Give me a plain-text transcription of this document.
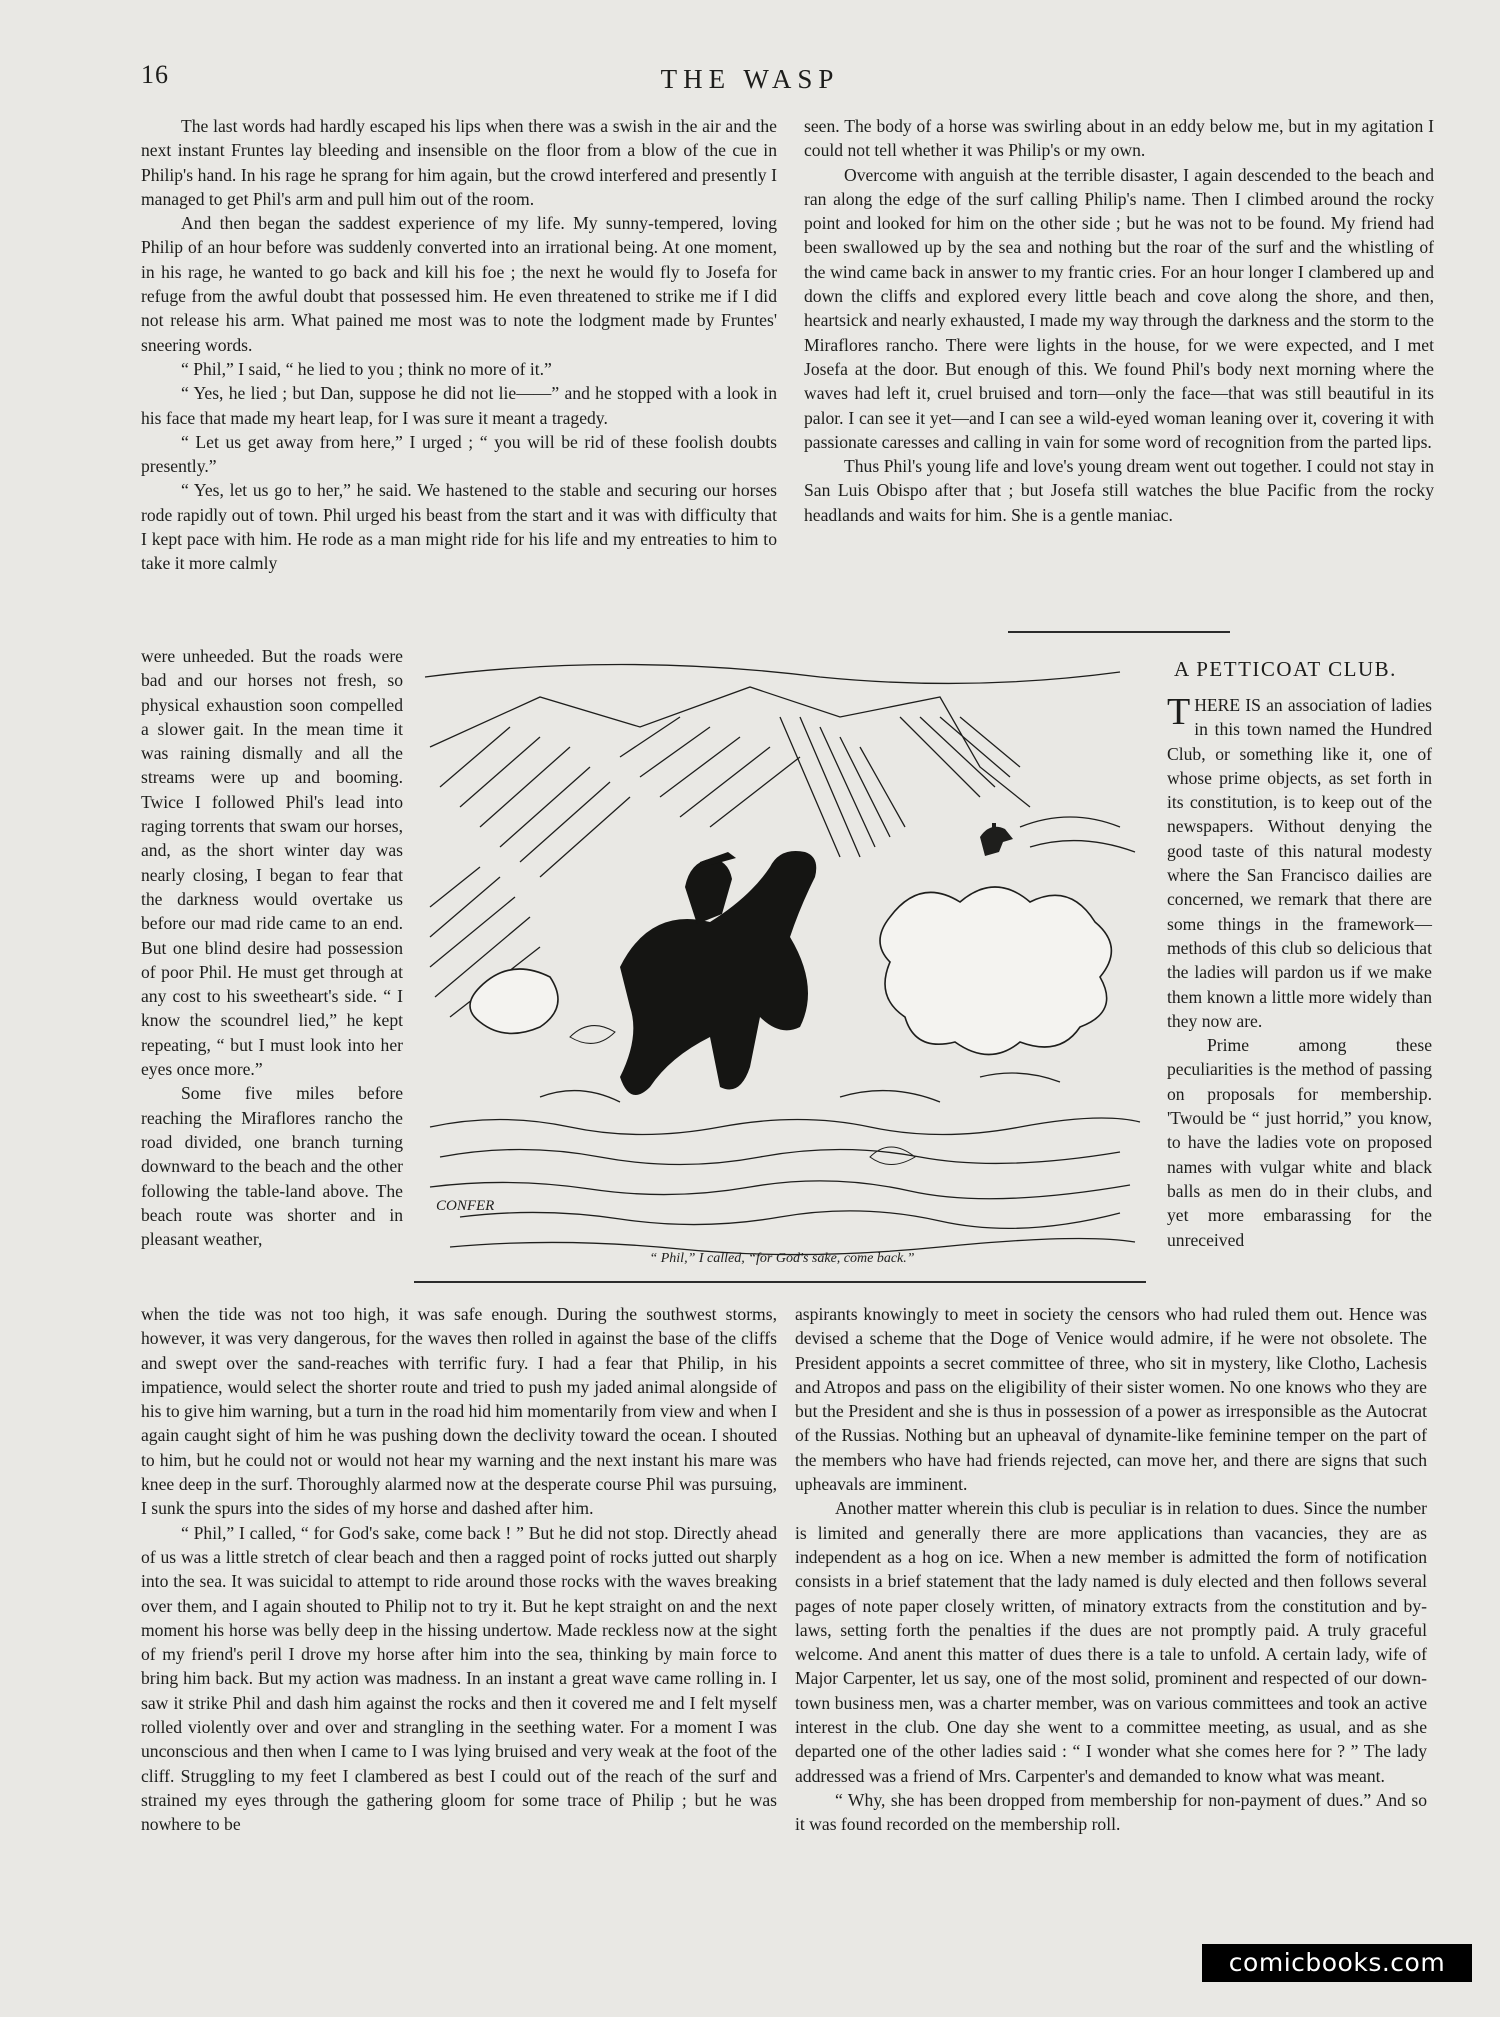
16	THE WASP

The last words had hardly escaped his lips when there was a swish in the air and the next instant Fruntes lay bleeding and insensible on the floor from a blow of the cue in Philip's hand. In his rage he sprang for him again, but the crowd interfered and presently I managed to get Phil's arm and pull him out of the room.

And then began the saddest experience of my life. My sunny-tempered, loving Philip of an hour before was suddenly converted into an irrational being. At one moment, in his rage, he wanted to go back and kill his foe ; the next he would fly to Josefa for refuge from the awful doubt that possessed him. He even threatened to strike me if I did not release his arm. What pained me most was to note the lodgment made by Fruntes' sneering words.

“ Phil,” I said, “ he lied to you ; think no more of it.”

“ Yes, he lied ; but Dan, suppose he did not lie——” and he stopped with a look in his face that made my heart leap, for I was sure it meant a tragedy.

“ Let us get away from here,” I urged ; “ you will be rid of these foolish doubts presently.”

“ Yes, let us go to her,” he said. We hastened to the stable and securing our horses rode rapidly out of town. Phil urged his beast from the start and it was with difficulty that I kept pace with him. He rode as a man might ride for his life and my entreaties to him to take it more calmly

seen. The body of a horse was swirling about in an eddy below me, but in my agitation I could not tell whether it was Philip's or my own.

Overcome with anguish at the terrible disaster, I again descended to the beach and ran along the edge of the surf calling Philip's name. Then I climbed around the rocky point and looked for him on the other side ; but he was not to be found. My friend had been swallowed up by the sea and nothing but the roar of the surf and the whistling of the wind came back in answer to my frantic cries. For an hour longer I clambered up and down the cliffs and explored every little beach and cove along the shore, and then, heartsick and nearly exhausted, I made my way through the darkness and the storm to the Miraflores rancho. There were lights in the house, for we were expected, and I met Josefa at the door. But enough of this. We found Phil's body next morning where the waves had left it, cruel bruised and torn—only the face—that was still beautiful in its palor. I can see it yet—and I can see a wild-eyed woman leaning over it, covering it with passionate caresses and calling in vain for some word of recognition from the parted lips.

Thus Phil's young life and love's young dream went out together. I could not stay in San Luis Obispo after that ; but Josefa still watches the blue Pacific from the rocky headlands and waits for him. She is a gentle maniac.

were unheeded. But the roads were bad and our horses not fresh, so physical exhaustion soon compelled a slower gait. In the mean time it was raining dismally and all the streams were up and booming. Twice I followed Phil's lead into raging torrents that swam our horses, and, as the short winter day was nearly closing, I began to fear that the darkness would overtake us before our mad ride came to an end. But one blind desire had possession of poor Phil. He must get through at any cost to his sweetheart's side. “ I know the scoundrel lied,” he kept repeating, “ but I must look into her eyes once more.”

Some five miles before reaching the Miraflores rancho the road divided, one branch turning downward to the beach and the other following the table-land above. The beach route was shorter and in pleasant weather,

CONFER
“ Phil,” I called, “for God's sake, come back.”
A PETTICOAT CLUB.

THERE IS an association of ladies in this town named the Hundred Club, or something like it, one of whose prime objects, as set forth in its constitution, is to keep out of the newspapers. Without denying the good taste of this natural modesty where the San Francisco dailies are concerned, we remark that there are some things in the framework—methods of this club so delicious that the ladies will pardon us if we make them known a little more widely than they now are.

Prime among these peculiarities is the method of passing on proposals for membership. 'Twould be “ just horrid,” you know, to have the ladies vote on proposed names with vulgar white and black balls as men do in their clubs, and yet more embarassing for the unreceived

when the tide was not too high, it was safe enough. During the southwest storms, however, it was very dangerous, for the waves then rolled in against the base of the cliffs and swept over the sand-reaches with terrific fury. I had a fear that Philip, in his impatience, would select the shorter route and tried to push my jaded animal alongside of his to give him warning, but a turn in the road hid him momentarily from view and when I again caught sight of him he was pushing down the declivity toward the ocean. I shouted to him, but he could not or would not hear my warning and the next instant his mare was knee deep in the surf. Thoroughly alarmed now at the desperate course Phil was pursuing, I sunk the spurs into the sides of my horse and dashed after him.

“ Phil,” I called, “ for God's sake, come back ! ” But he did not stop. Directly ahead of us was a little stretch of clear beach and then a ragged point of rocks jutted out sharply into the sea. It was suicidal to attempt to ride around those rocks with the waves breaking over them, and I again shouted to Philip not to try it. But he kept straight on and the next moment his horse was belly deep in the hissing undertow. Made reckless now at the sight of my friend's peril I drove my horse after him into the sea, thinking by main force to bring him back. But my action was madness. In an instant a great wave came rolling in. I saw it strike Phil and dash him against the rocks and then it covered me and I felt myself rolled violently over and over and strangling in the seething water. For a moment I was unconscious and then when I came to I was lying bruised and very weak at the foot of the cliff. Struggling to my feet I clambered as best I could out of the reach of the surf and strained my eyes through the gathering gloom for some trace of Philip ; but he was nowhere to be

aspirants knowingly to meet in society the censors who had ruled them out. Hence was devised a scheme that the Doge of Venice would admire, if he were not obsolete. The President appoints a secret committee of three, who sit in mystery, like Clotho, Lachesis and Atropos and pass on the eligibility of their sister women. No one knows who they are but the President and she is thus in possession of a power as irresponsible as the Autocrat of the Russias. Nothing but an upheaval of dynamite-like feminine temper on the part of the members who have had friends rejected, can move her, and there are signs that such upheavals are imminent.

Another matter wherein this club is peculiar is in relation to dues. Since the number is limited and generally there are more applications than vacancies, they are as independent as a hog on ice. When a new member is admitted the form of notification consists in a brief statement that the lady named is duly elected and then follows several pages of note paper closely written, of minatory extracts from the constitution and by-laws, setting forth the penalties if the dues are not promptly paid. A truly graceful welcome. And anent this matter of dues there is a tale to unfold. A certain lady, wife of Major Carpenter, let us say, one of the most solid, prominent and respected of our down-town business men, was a charter member, was on various committees and took an active interest in the club. One day she went to a committee meeting, as usual, and as she departed one of the other ladies said : “ I wonder what she comes here for ? ” The lady addressed was a friend of Mrs. Carpenter's and demanded to know what was meant.

“ Why, she has been dropped from membership for non-payment of dues.” And so it was found recorded on the membership roll.

comicbooks.com
